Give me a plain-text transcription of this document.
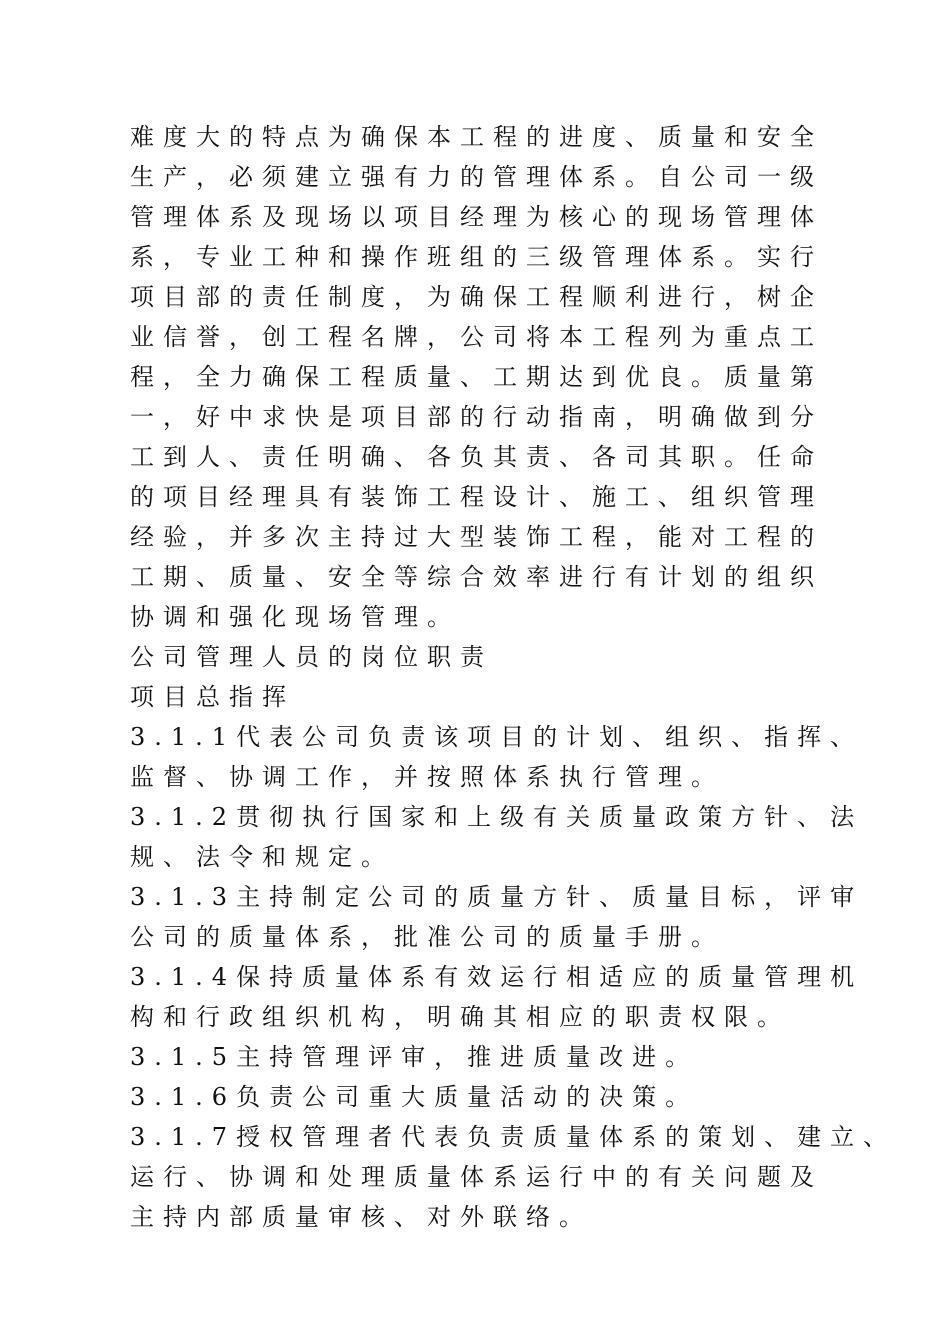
难度大的特点为确保本工程的进度、质量和安全
生产，必须建立强有力的管理体系。自公司一级
管理体系及现场以项目经理为核心的现场管理体
系，专业工种和操作班组的三级管理体系。实行
项目部的责任制度，为确保工程顺利进行，树企
业信誉，创工程名牌，公司将本工程列为重点工
程，全力确保工程质量、工期达到优良。质量第
一，好中求快是项目部的行动指南，明确做到分
工到人、责任明确、各负其责、各司其职。任命
的项目经理具有装饰工程设计、施工、组织管理
经验，并多次主持过大型装饰工程，能对工程的
工期、质量、安全等综合效率进行有计划的组织
协调和强化现场管理。
公司管理人员的岗位职责
项目总指挥
3.1.1代表公司负责该项目的计划、组织、指挥、
监督、协调工作，并按照体系执行管理。
3.1.2贯彻执行国家和上级有关质量政策方针、法
规、法令和规定。
3.1.3主持制定公司的质量方针、质量目标，评审
公司的质量体系，批准公司的质量手册。
3.1.4保持质量体系有效运行相适应的质量管理机
构和行政组织机构，明确其相应的职责权限。
3.1.5主持管理评审，推进质量改进。
3.1.6负责公司重大质量活动的决策。
3.1.7授权管理者代表负责质量体系的策划、建立、
运行、协调和处理质量体系运行中的有关问题及
主持内部质量审核、对外联络。
